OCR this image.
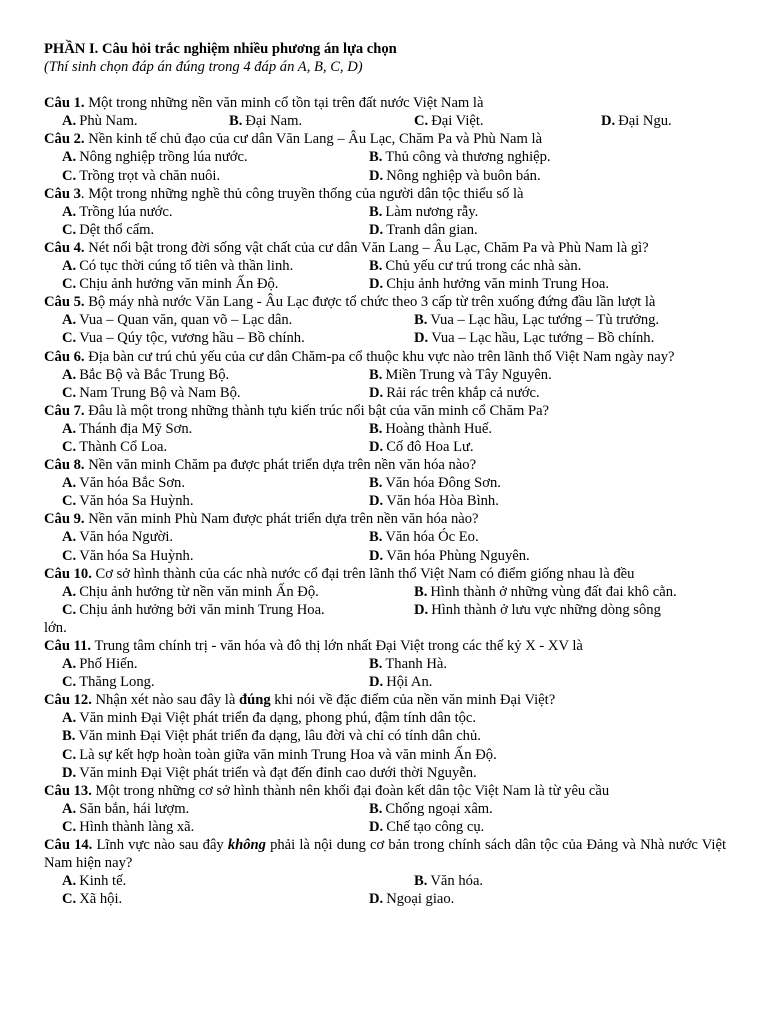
PHẦN I. Câu hỏi trắc nghiệm nhiều phương án lựa chọn
(Thí sinh chọn đáp án đúng trong 4 đáp án A, B, C, D)
Câu 1. Một trong những nền văn minh cổ tồn tại trên đất nước Việt Nam là
A. Phù Nam.	B. Đại Nam.	C. Đại Việt.	D. Đại Ngu.
Câu 2. Nền kinh tế chủ đạo của cư dân Văn Lang – Âu Lạc, Chăm Pa và Phù Nam là
A. Nông nghiệp trồng lúa nước.	B. Thủ công và thương nghiệp.
C. Trồng trọt và chăn nuôi.	D. Nông nghiệp và buôn bán.
Câu 3. Một trong những nghề thủ công truyền thống của người dân tộc thiểu số là
A. Trồng lúa nước.	B. Làm nương rẫy.
C. Dệt thổ cẩm.	D. Tranh dân gian.
Câu 4. Nét nổi bật trong đời sống vật chất của cư dân Văn Lang – Âu Lạc, Chăm Pa và Phù Nam là gì?
A. Có tục thời cúng tổ tiên và thần linh.	B. Chủ yếu cư trú trong các nhà sàn.
C. Chịu ảnh hưởng văn minh Ấn Độ.	D. Chịu ảnh hưởng văn minh Trung Hoa.
Câu 5. Bộ máy nhà nước Văn Lang - Âu Lạc được tổ chức theo 3 cấp từ trên xuống đứng đầu lần lượt là
A. Vua – Quan văn, quan võ – Lạc dân.	B. Vua – Lạc hầu, Lạc tướng – Tù trưởng.
C. Vua – Qúy tộc, vương hầu – Bồ chính.	D. Vua – Lạc hầu, Lạc tướng – Bồ chính.
Câu 6. Địa bàn cư trú chủ yếu của cư dân Chăm-pa cổ thuộc khu vực nào trên lãnh thổ Việt Nam ngày nay?
A. Bắc Bộ và Bắc Trung Bộ.	B. Miền Trung và Tây Nguyên.
C. Nam Trung Bộ và Nam Bộ.	D. Rải rác trên khắp cả nước.
Câu 7. Đâu là một trong những thành tựu kiến trúc nổi bật của văn minh cổ Chăm Pa?
A. Thánh địa Mỹ Sơn.	B. Hoàng thành Huế.
C. Thành Cổ Loa.	D. Cố đô Hoa Lư.
Câu 8. Nền văn minh Chăm pa được phát triển dựa trên nền văn hóa nào?
A. Văn hóa Bắc Sơn.	B. Văn hóa Đông Sơn.
C. Văn hóa Sa Huỳnh.	D. Văn hóa Hòa Bình.
Câu 9. Nền văn minh Phù Nam được phát triển dựa trên nền văn hóa nào?
A. Văn hóa Người.	B. Văn hóa Óc Eo.
C. Văn hóa Sa Huỳnh.	D. Văn hóa Phùng Nguyên.
Câu 10. Cơ sở hình thành của các nhà nước cổ đại trên lãnh thổ Việt Nam có điểm giống nhau là đều
A. Chịu ảnh hưởng từ nền văn minh Ấn Độ.	B. Hình thành ở những vùng đất đai khô cằn.
C. Chịu ảnh hưởng bởi văn minh Trung Hoa.	D. Hình thành ở lưu vực những dòng sông
lớn.
Câu 11. Trung tâm chính trị - văn hóa và đô thị lớn nhất Đại Việt trong các thế kỷ X - XV là
A. Phố Hiến.	B. Thanh Hà.
C. Thăng Long.	D. Hội An.
Câu 12. Nhận xét nào sau đây là đúng khi nói về đặc điểm của nền văn minh Đại Việt?
A. Văn minh Đại Việt phát triển đa dạng, phong phú, đậm tính dân tộc.
B. Văn minh Đại Việt phát triển đa dạng, lâu đời và chỉ có tính dân chủ.
C. Là sự kết hợp hoàn toàn giữa văn minh Trung Hoa và văn minh Ấn Độ.
D. Văn minh Đại Việt phát triển và đạt đến đỉnh cao dưới thời Nguyễn.
Câu 13. Một trong những cơ sở hình thành nên khối đại đoàn kết dân tộc Việt Nam là từ yêu cầu
A. Săn bắn, hái lượm.	B. Chống ngoại xâm.
C. Hình thành làng xã.	D. Chế tạo công cụ.
Câu 14. Lĩnh vực nào sau đây không phải là nội dung cơ bản trong chính sách dân tộc của Đảng và Nhà nước Việt Nam hiện nay?
A. Kinh tế.	B. Văn hóa.
C. Xã hội.	D. Ngoại giao.
